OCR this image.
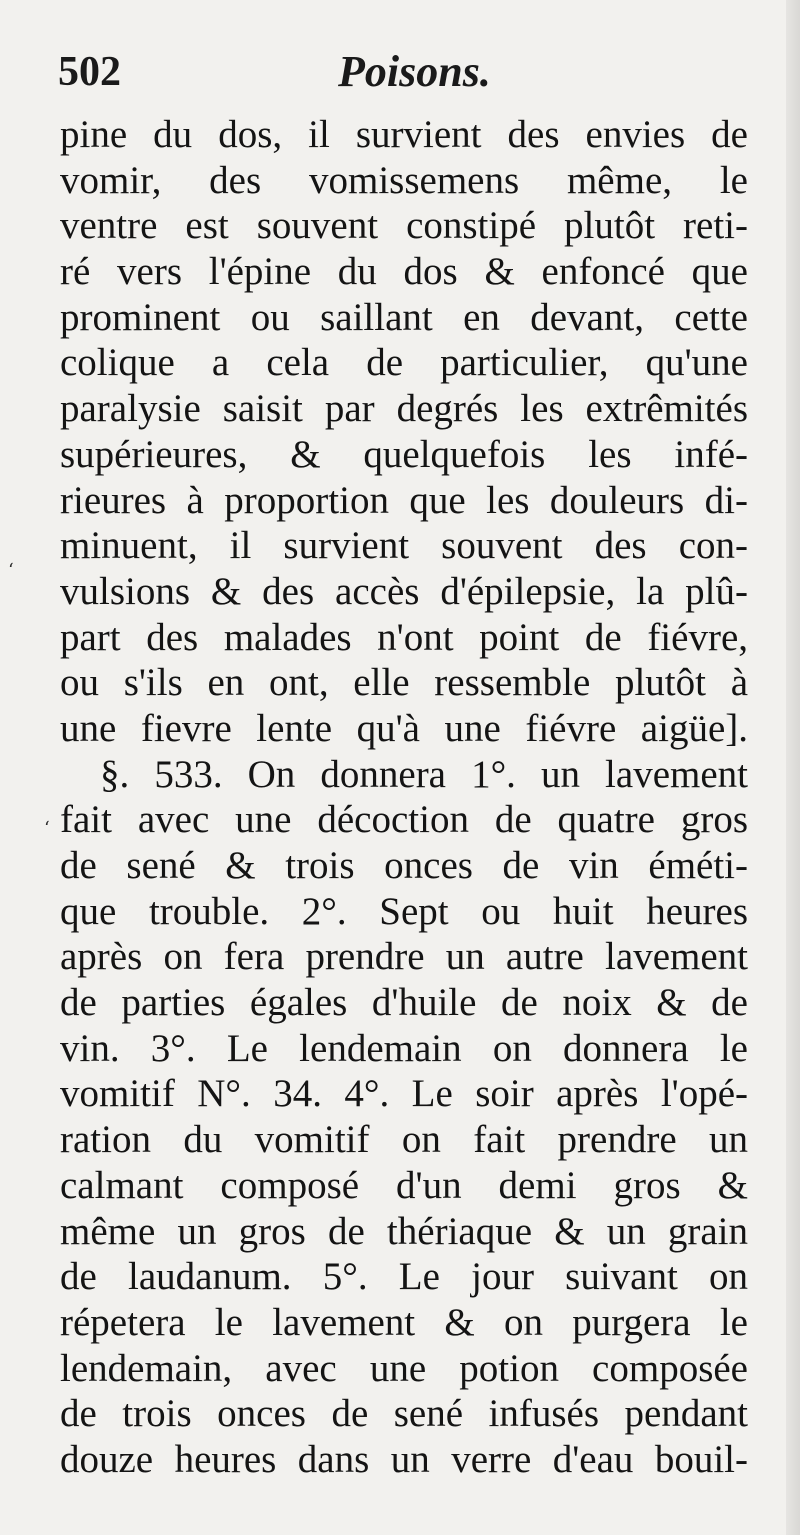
‘
‘
502	Poisons.
pine du dos, il survient des envies de
vomir, des vomissemens même, le
ventre est souvent constipé plutôt reti-
ré vers l'épine du dos & enfoncé que
prominent ou saillant en devant, cette
colique a cela de particulier, qu'une
paralysie saisit par degrés les extrêmités
supérieures, & quelquefois les infé-
rieures à proportion que les douleurs di-
minuent, il survient souvent des con-
vulsions & des accès d'épilepsie, la plû-
part des malades n'ont point de fiévre,
ou s'ils en ont, elle ressemble plutôt à
une fievre lente qu'à une fiévre aigüe].
§. 533. On donnera 1°. un lavement
fait avec une décoction de quatre gros
de sené & trois onces de vin éméti-
que trouble. 2°. Sept ou huit heures
après on fera prendre un autre lavement
de parties égales d'huile de noix & de
vin. 3°. Le lendemain on donnera le
vomitif N°. 34. 4°. Le soir après l'opé-
ration du vomitif on fait prendre un
calmant composé d'un demi gros &
même un gros de thériaque & un grain
de laudanum. 5°. Le jour suivant on
répetera le lavement & on purgera le
lendemain, avec une potion composée
de trois onces de sené infusés pendant
douze heures dans un verre d'eau bouil-
